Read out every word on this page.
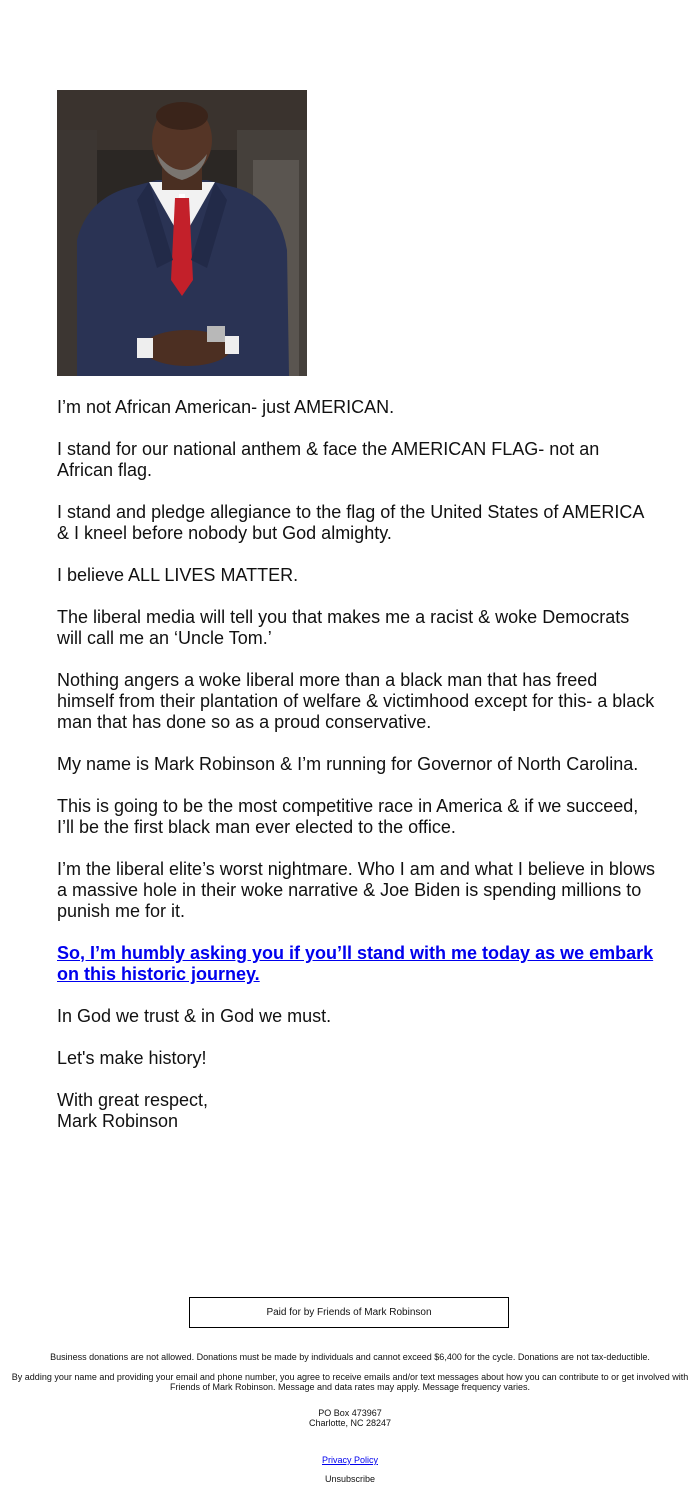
I’m not African American- just AMERICAN.

I stand for our national anthem & face the AMERICAN FLAG- not an African flag.

I stand and pledge allegiance to the flag of the United States of AMERICA & I kneel before nobody but God almighty.

I believe ALL LIVES MATTER.

The liberal media will tell you that makes me a racist & woke Democrats will call me an ‘Uncle Tom.’

Nothing angers a woke liberal more than a black man that has freed himself from their plantation of welfare & victimhood except for this- a black man that has done so as a proud conservative.

My name is Mark Robinson & I’m running for Governor of North Carolina.

This is going to be the most competitive race in America & if we succeed, I’ll be the first black man ever elected to the office.

I’m the liberal elite’s worst nightmare. Who I am and what I believe in blows a massive hole in their woke narrative & Joe Biden is spending millions to punish me for it.

So, I’m humbly asking you if you’ll stand with me today as we embark on this historic journey.

In God we trust & in God we must.

Let's make history!

With great respect,
Mark Robinson

Paid for by Friends of Mark Robinson

Business donations are not allowed. Donations must be made by individuals and cannot exceed $6,400 for the cycle. Donations are not tax-deductible.

By adding your name and providing your email and phone number, you agree to receive emails and/or text messages about how you can contribute to or get involved with Friends of Mark Robinson. Message and data rates may apply. Message frequency varies.

PO Box 473967
Charlotte, NC 28247

Privacy Policy

Unsubscribe
